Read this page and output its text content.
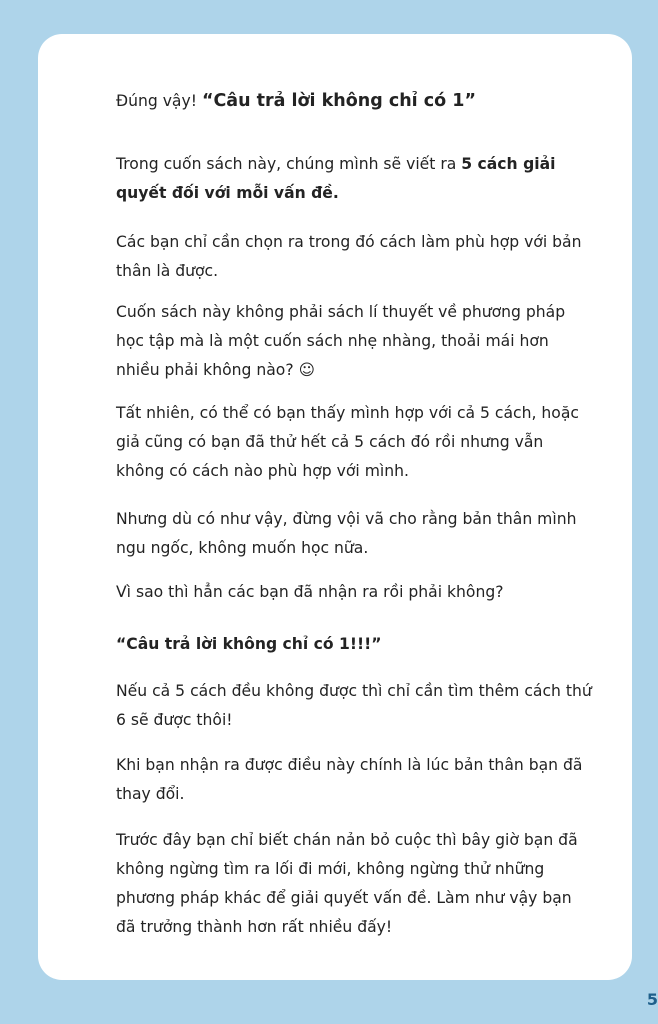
Đúng vậy! “Câu trả lời không chỉ có 1”

Trong cuốn sách này, chúng mình sẽ viết ra 5 cách giải quyết đối với mỗi vấn đề.

Các bạn chỉ cần chọn ra trong đó cách làm phù hợp với bản thân là được.

Cuốn sách này không phải sách lí thuyết về phương pháp học tập mà là một cuốn sách nhẹ nhàng, thoải mái hơn nhiều phải không nào? ☺

Tất nhiên, có thể có bạn thấy mình hợp với cả 5 cách, hoặc giả cũng có bạn đã thử hết cả 5 cách đó rồi nhưng vẫn không có cách nào phù hợp với mình.

Nhưng dù có như vậy, đừng vội vã cho rằng bản thân mình ngu ngốc, không muốn học nữa.

Vì sao thì hẳn các bạn đã nhận ra rồi phải không?

“Câu trả lời không chỉ có 1!!!”

Nếu cả 5 cách đều không được thì chỉ cần tìm thêm cách thứ 6 sẽ được thôi!

Khi bạn nhận ra được điều này chính là lúc bản thân bạn đã thay đổi.

Trước đây bạn chỉ biết chán nản bỏ cuộc thì bây giờ bạn đã không ngừng tìm ra lối đi mới, không ngừng thử những phương pháp khác để giải quyết vấn đề. Làm như vậy bạn đã trưởng thành hơn rất nhiều đấy!

5
